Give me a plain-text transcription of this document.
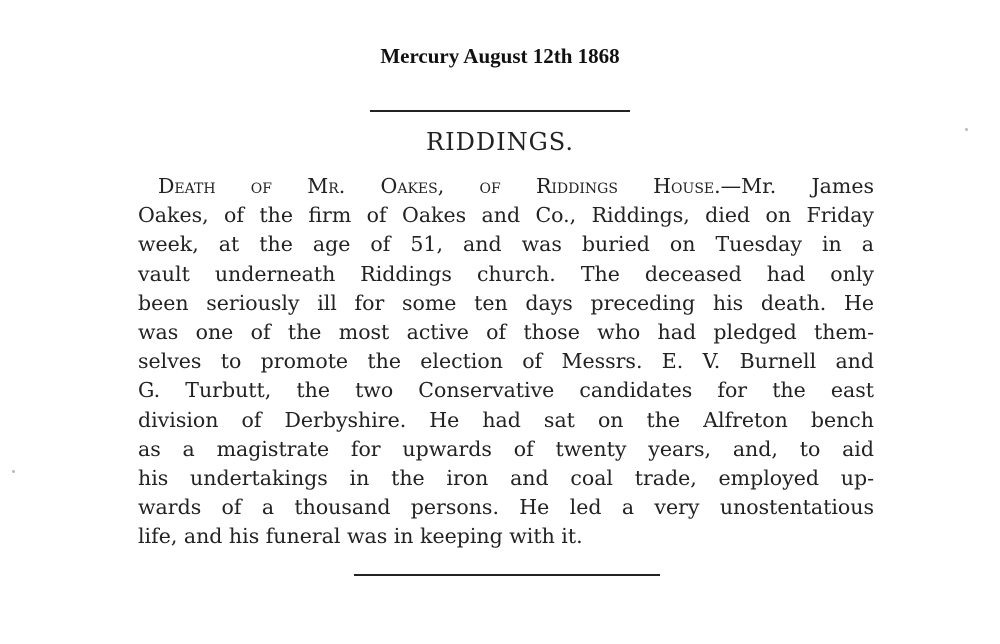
Mercury August 12th 1868
RIDDINGS.
Death of Mr. Oakes, of Riddings House.—Mr. James
Oakes, of the firm of Oakes and Co., Riddings, died on Friday
week, at the age of 51, and was buried on Tuesday in a
vault underneath Riddings church. The deceased had only
been seriously ill for some ten days preceding his death. He
was one of the most active of those who had pledged them-
selves to promote the election of Messrs. E. V. Burnell and
G. Turbutt, the two Conservative candidates for the east
division of Derbyshire. He had sat on the Alfreton bench
as a magistrate for upwards of twenty years, and, to aid
his undertakings in the iron and coal trade, employed up-
wards of a thousand persons. He led a very unostentatious
life, and his funeral was in keeping with it.
